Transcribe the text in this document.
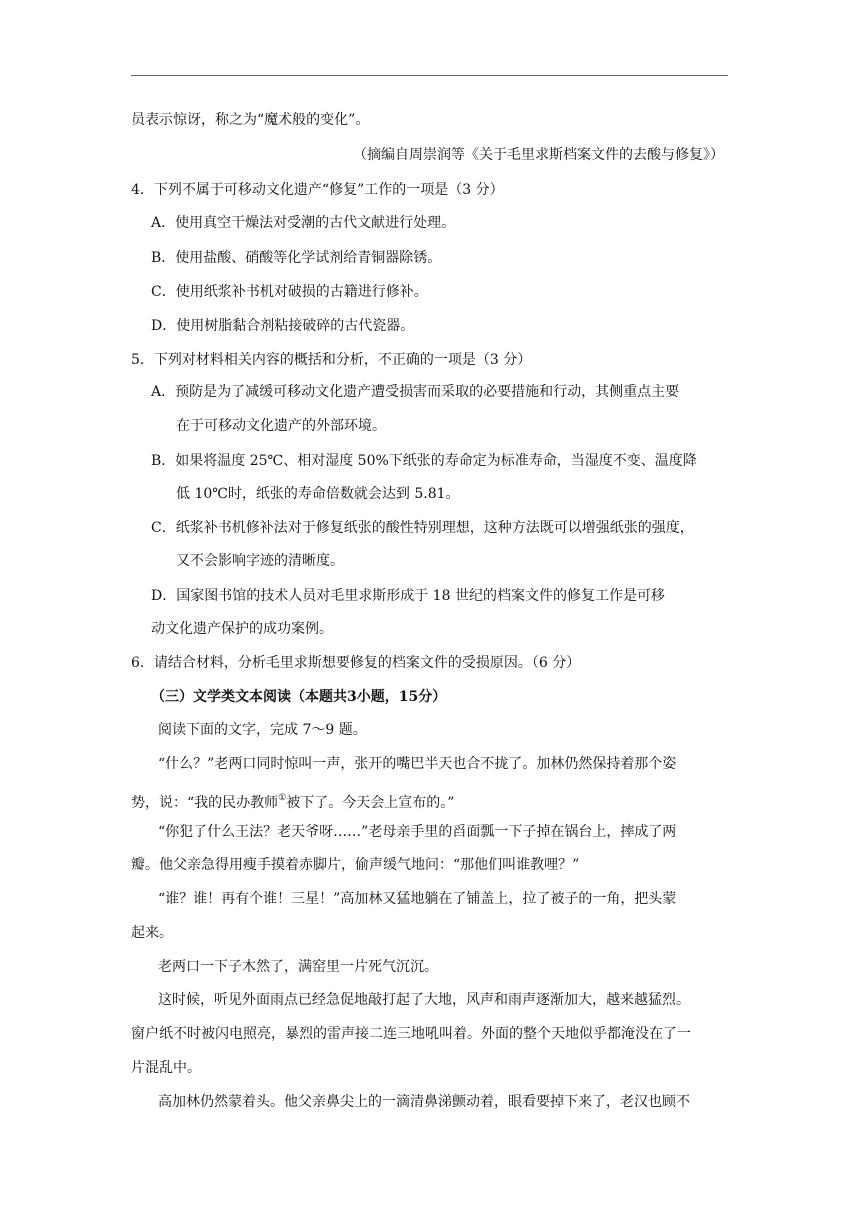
员表示惊讶，称之为“魔术般的变化”。
（摘编自周崇润等《关于毛里求斯档案文件的去酸与修复》）
4．下列不属于可移动文化遗产“修复”工作的一项是（3 分）
A．使用真空干燥法对受潮的古代文献进行处理。
B．使用盐酸、硝酸等化学试剂给青铜器除锈。
C．使用纸浆补书机对破损的古籍进行修补。
D．使用树脂黏合剂粘接破碎的古代瓷器。
5．下列对材料相关内容的概括和分析，不正确的一项是（3 分）
A．预防是为了减缓可移动文化遗产遭受损害而采取的必要措施和行动，其侧重点主要
在于可移动文化遗产的外部环境。
B．如果将温度 25℃、相对湿度 50%下纸张的寿命定为标准寿命，当湿度不变、温度降
低 10℃时，纸张的寿命倍数就会达到 5.81。
C．纸浆补书机修补法对于修复纸张的酸性特别理想，这种方法既可以增强纸张的强度，
又不会影响字迹的清晰度。
D．国家图书馆的技术人员对毛里求斯形成于 18 世纪的档案文件的修复工作是可移
动文化遗产保护的成功案例。
6．请结合材料，分析毛里求斯想要修复的档案文件的受损原因。（6 分）
（三）文学类文本阅读（本题共3小题，15分）
阅读下面的文字，完成 7～9 题。
“什么？”老两口同时惊叫一声，张开的嘴巴半天也合不拢了。加林仍然保持着那个姿
势，说：“我的民办教师①被下了。今天会上宣布的。”
“你犯了什么王法？老天爷呀……”老母亲手里的舀面瓢一下子掉在锅台上，摔成了两
瓣。他父亲急得用瘦手摸着赤脚片，偷声缓气地问：“那他们叫谁教哩？”
“谁？谁！再有个谁！三星！”高加林又猛地躺在了铺盖上，拉了被子的一角，把头蒙
起来。
老两口一下子木然了，满窑里一片死气沉沉。
这时候，听见外面雨点已经急促地敲打起了大地，风声和雨声逐渐加大，越来越猛烈。
窗户纸不时被闪电照亮，暴烈的雷声接二连三地吼叫着。外面的整个天地似乎都淹没在了一
片混乱中。
高加林仍然蒙着头。他父亲鼻尖上的一滴清鼻涕颤动着，眼看要掉下来了，老汉也顾不
